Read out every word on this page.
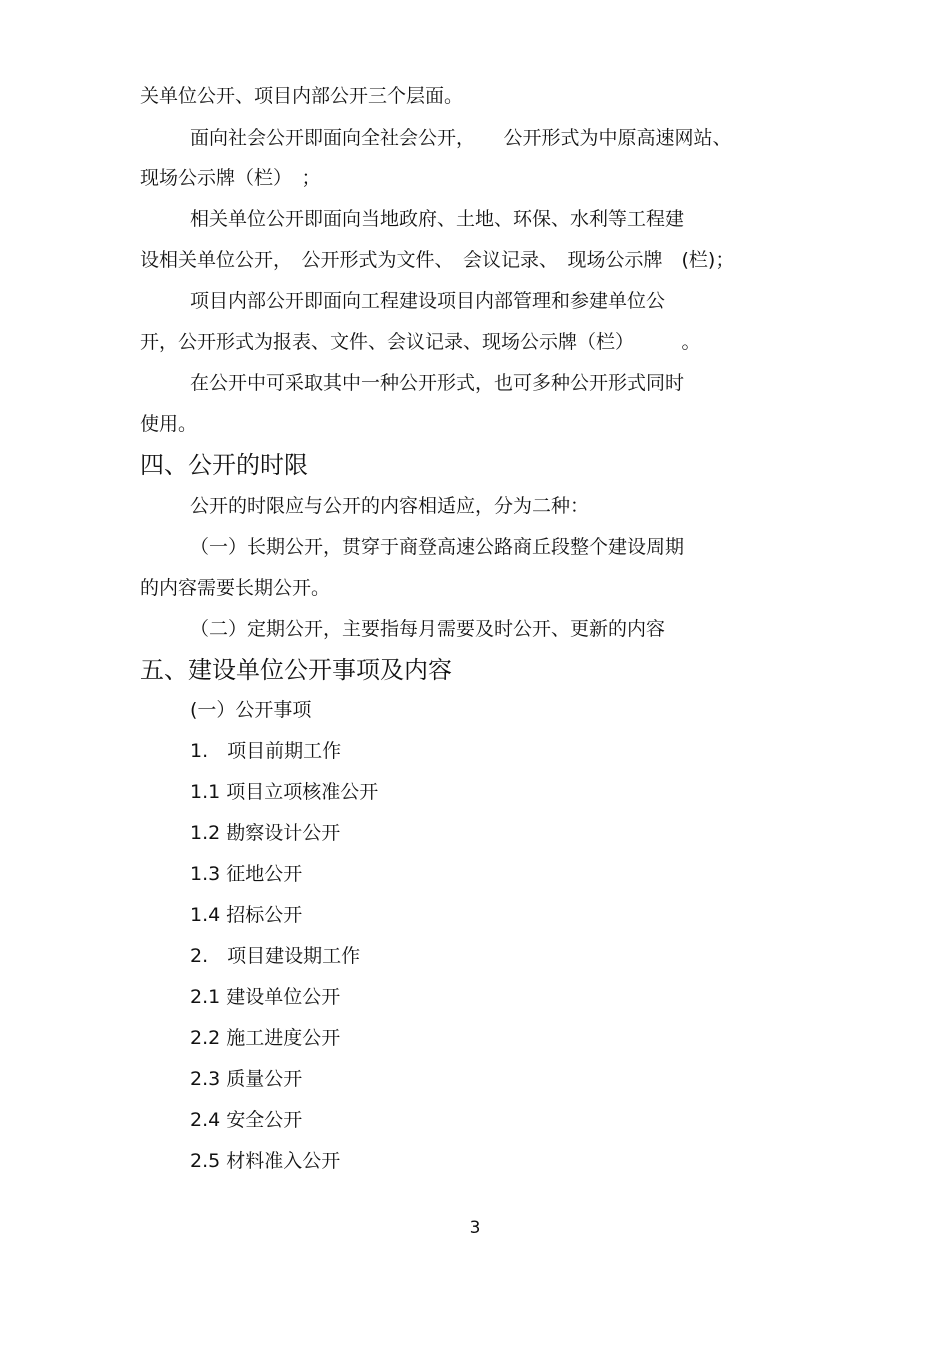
关单位公开、项目内部公开三个层面。

面向社会公开即面向全社会公开，　　公开形式为中原高速网站、

现场公示牌（栏）　；

相关单位公开即面向当地政府、土地、环保、水利等工程建

设相关单位公开，　公开形式为文件、　会议记录、　现场公示牌　(栏)；

项目内部公开即面向工程建设项目内部管理和参建单位公

开，公开形式为报表、文件、会议记录、现场公示牌（栏）　　　。

在公开中可采取其中一种公开形式，也可多种公开形式同时

使用。

四、公开的时限

公开的时限应与公开的内容相适应，分为二种：

（一）长期公开，贯穿于商登高速公路商丘段整个建设周期

的内容需要长期公开。

（二）定期公开，主要指每月需要及时公开、更新的内容

五、建设单位公开事项及内容

(一）公开事项

1.　项目前期工作

1.1 项目立项核准公开

1.2 勘察设计公开

1.3 征地公开

1.4 招标公开

2.　项目建设期工作

2.1 建设单位公开

2.2 施工进度公开

2.3 质量公开

2.4 安全公开

2.5 材料准入公开

3
